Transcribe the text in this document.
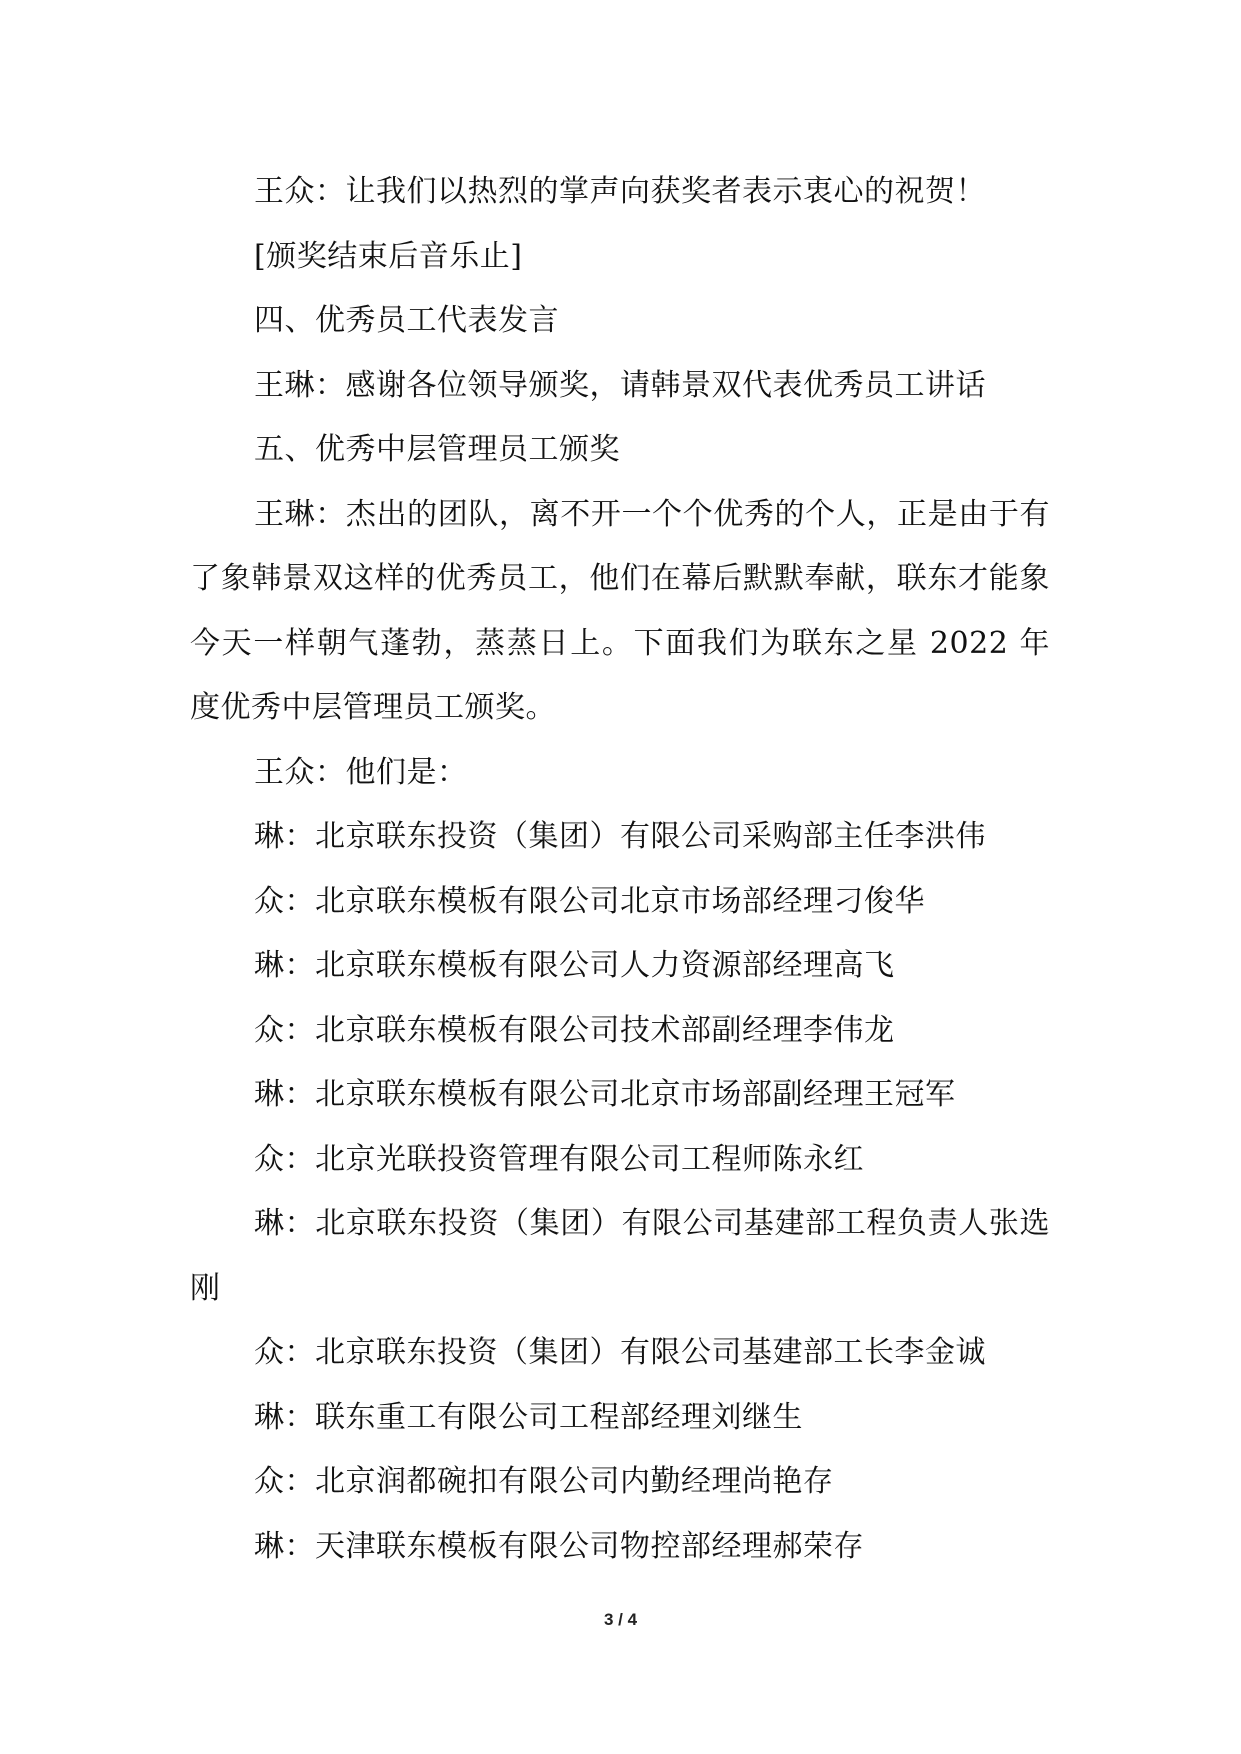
王众：让我们以热烈的掌声向获奖者表示衷心的祝贺！

[颁奖结束后音乐止]

四、优秀员工代表发言

王琳：感谢各位领导颁奖，请韩景双代表优秀员工讲话

五、优秀中层管理员工颁奖

王琳：杰出的团队，离不开一个个优秀的个人，正是由于有了象韩景双这样的优秀员工，他们在幕后默默奉献，联东才能象今天一样朝气蓬勃，蒸蒸日上。下面我们为联东之星 2022 年度优秀中层管理员工颁奖。

王众：他们是：

琳：北京联东投资（集团）有限公司采购部主任李洪伟

众：北京联东模板有限公司北京市场部经理刁俊华

琳：北京联东模板有限公司人力资源部经理高飞

众：北京联东模板有限公司技术部副经理李伟龙

琳：北京联东模板有限公司北京市场部副经理王冠军

众：北京光联投资管理有限公司工程师陈永红

琳：北京联东投资（集团）有限公司基建部工程负责人张选刚

众：北京联东投资（集团）有限公司基建部工长李金诚

琳：联东重工有限公司工程部经理刘继生

众：北京润都碗扣有限公司内勤经理尚艳存

琳：天津联东模板有限公司物控部经理郝荣存

3 / 4
